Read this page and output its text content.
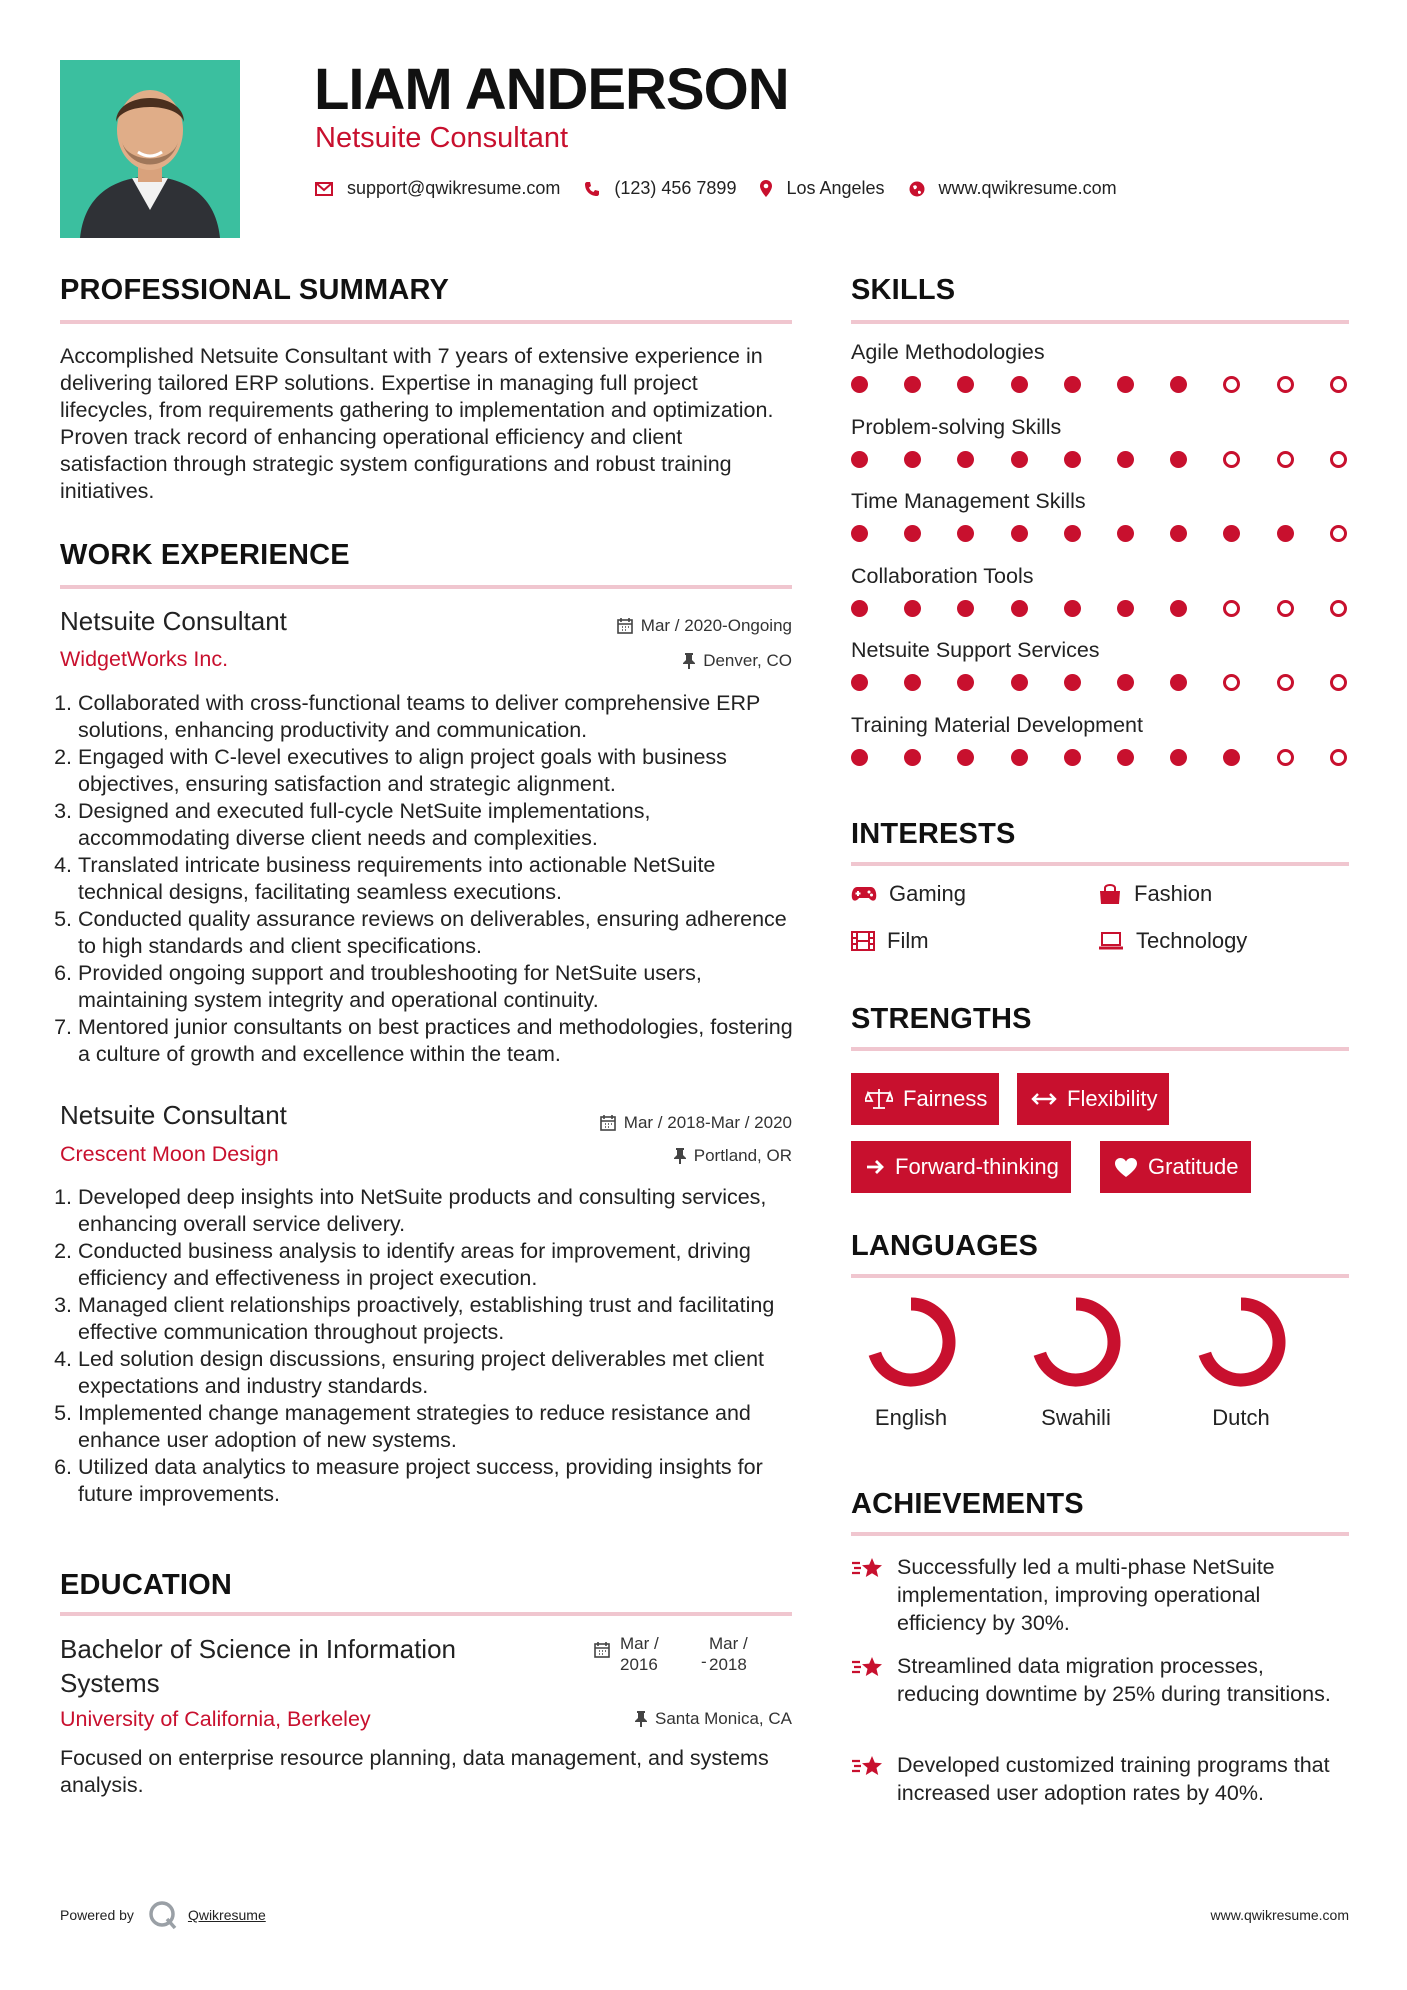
LIAM ANDERSON
Netsuite Consultant
support@qwikresume.com	(123) 456 7899	Los Angeles	www.qwikresume.com
PROFESSIONAL SUMMARY
Accomplished Netsuite Consultant with 7 years of extensive experience in delivering tailored ERP solutions. Expertise in managing full project lifecycles, from requirements gathering to implementation and optimization. Proven track record of enhancing operational efficiency and client satisfaction through strategic system configurations and robust training initiatives.
WORK EXPERIENCE
Netsuite Consultant	Mar / 2020-Ongoing
WidgetWorks Inc.	Denver, CO
1. Collaborated with cross-functional teams to deliver comprehensive ERP solutions, enhancing productivity and communication.
2. Engaged with C-level executives to align project goals with business objectives, ensuring satisfaction and strategic alignment.
3. Designed and executed full-cycle NetSuite implementations, accommodating diverse client needs and complexities.
4. Translated intricate business requirements into actionable NetSuite technical designs, facilitating seamless executions.
5. Conducted quality assurance reviews on deliverables, ensuring adherence to high standards and client specifications.
6. Provided ongoing support and troubleshooting for NetSuite users, maintaining system integrity and operational continuity.
7. Mentored junior consultants on best practices and methodologies, fostering a culture of growth and excellence within the team.
Netsuite Consultant	Mar / 2018-Mar / 2020
Crescent Moon Design	Portland, OR
1. Developed deep insights into NetSuite products and consulting services, enhancing overall service delivery.
2. Conducted business analysis to identify areas for improvement, driving efficiency and effectiveness in project execution.
3. Managed client relationships proactively, establishing trust and facilitating effective communication throughout projects.
4. Led solution design discussions, ensuring project deliverables met client expectations and industry standards.
5. Implemented change management strategies to reduce resistance and enhance user adoption of new systems.
6. Utilized data analytics to measure project success, providing insights for future improvements.
EDUCATION
Bachelor of Science in Information Systems
Mar /
2016	-
Mar /
2018
University of California, Berkeley	Santa Monica, CA
Focused on enterprise resource planning, data management, and systems analysis.
SKILLS
Agile Methodologies
Problem-solving Skills
Time Management Skills
Collaboration Tools
Netsuite Support Services
Training Material Development
INTERESTS
Gaming	Fashion
Film	Technology
STRENGTHS
Fairness	Flexibility
Forward-thinking	Gratitude
LANGUAGES
English	Swahili	Dutch
ACHIEVEMENTS
Successfully led a multi-phase NetSuite implementation, improving operational efficiency by 30%.
Streamlined data migration processes, reducing downtime by 25% during transitions.
Developed customized training programs that increased user adoption rates by 40%.
Powered by	Qwikresume	www.qwikresume.com
